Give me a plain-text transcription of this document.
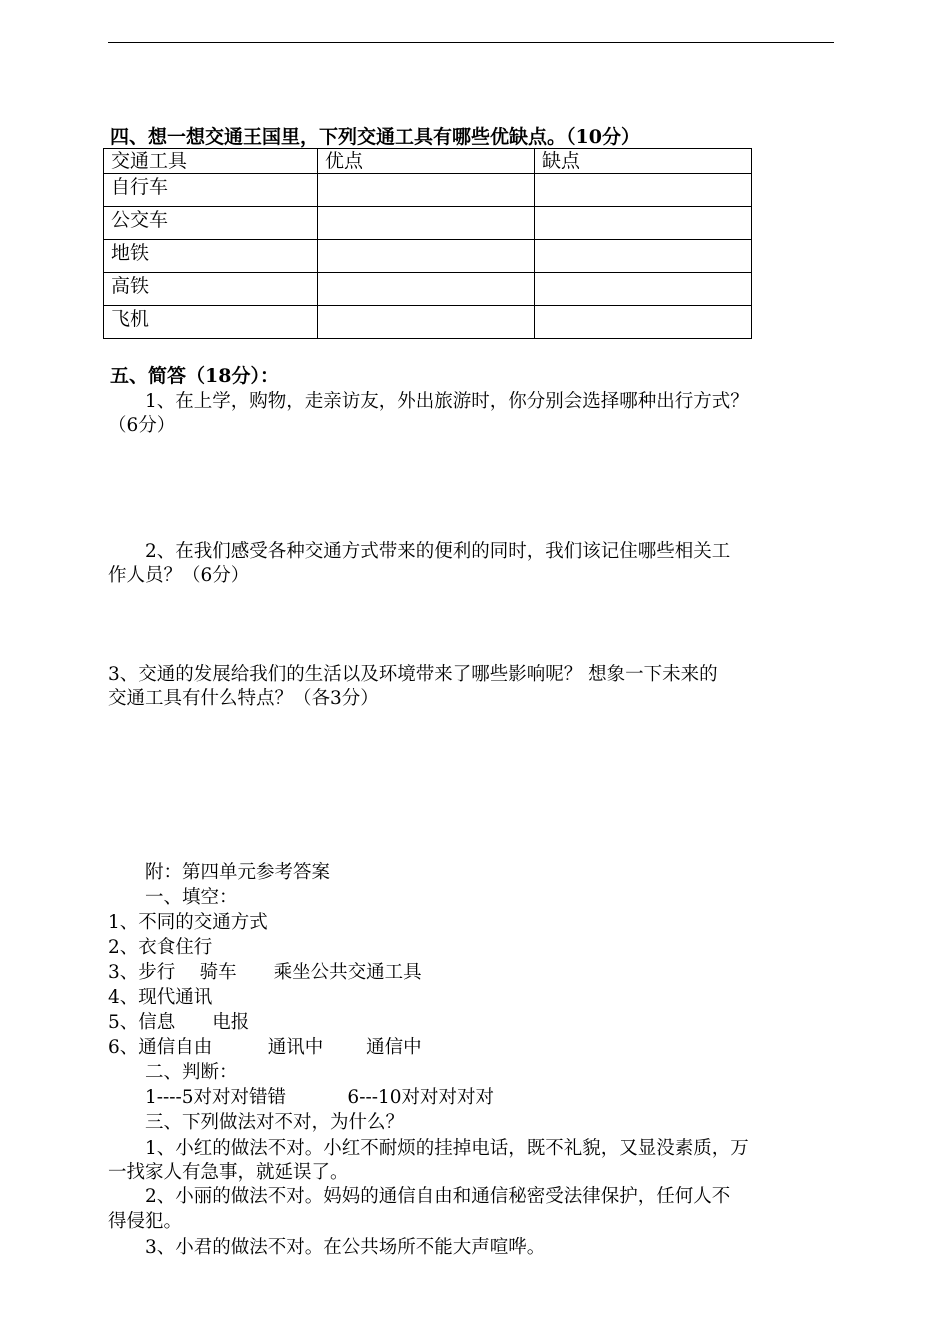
四、想一想交通王国里，下列交通工具有哪些优缺点。（10分）
交通工具	优点	缺点
自行车		
公交车		
地铁		
高铁		
飞机		
五、简答（18分）：
1、在上学，购物，走亲访友，外出旅游时，你分别会选择哪种出行方式？
（6分）
2、在我们感受各种交通方式带来的便利的同时，我们该记住哪些相关工
作人员？（6分）
3、交通的发展给我们的生活以及环境带来了哪些影响呢？ 想象一下未来的
交通工具有什么特点？（各3分）
附：第四单元参考答案
一、填空：
1、不同的交通方式
2、衣食住行
3、步行　 骑车　　乘坐公共交通工具
4、现代通讯
5、信息　　电报
6、通信自由　　　通讯中　　 通信中
二、判断：
1----5对对对错错　　　 6---10对对对对对
三、下列做法对不对，为什么？
1、小红的做法不对。小红不耐烦的挂掉电话，既不礼貌，又显没素质，万
一找家人有急事，就延误了。
2、小丽的做法不对。妈妈的通信自由和通信秘密受法律保护，任何人不
得侵犯。
3、小君的做法不对。在公共场所不能大声喧哗。
